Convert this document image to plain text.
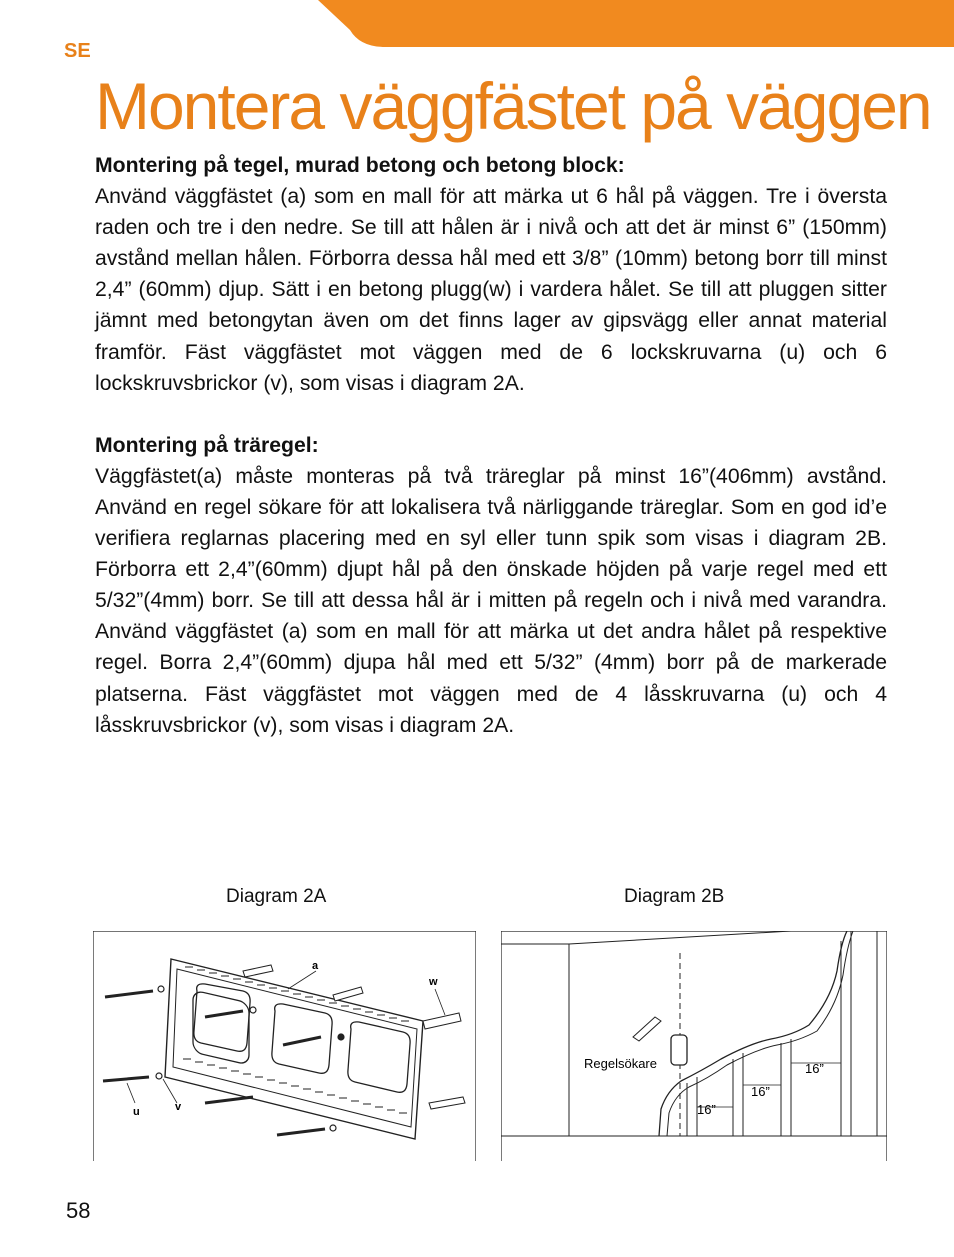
SE
Montera väggfästet på väggen
Montering på tegel, murad betong och betong block:

Använd väggfästet (a) som en mall för att märka ut 6 hål på väggen. Tre i översta raden och tre i den nedre. Se till att hålen är i nivå och att det är minst 6” (150mm) avstånd mellan hålen. Förborra dessa hål med ett 3/8” (10mm) betong borr till minst 2,4” (60mm) djup. Sätt i en betong plugg(w) i vardera hålet. Se till att pluggen sitter jämnt med betongytan även om det finns lager av gipsvägg eller annat material framför. Fäst väggfästet mot väggen med de 6 lockskruvarna (u) och 6 lockskruvsbrickor (v), som visas i diagram 2A.

Montering på träregel:

Väggfästet(a) måste monteras på två träreglar på minst 16”(406mm) avstånd. Använd en regel sökare för att lokalisera två närliggande träreglar. Som en god id’e verifiera reglarnas placering med en syl eller tunn spik som visas i diagram 2B. Förborra ett 2,4”(60mm) djupt hål på den önskade höjden på varje regel med ett 5/32”(4mm) borr. Se till att dessa hål är i mitten på regeln och i nivå med varandra. Använd väggfästet (a) som en mall för att märka ut det andra hålet på respektive regel. Borra 2,4”(60mm) djupa hål med ett 5/32” (4mm) borr på de markerade platserna. Fäst väggfästet mot väggen med de 4 låsskruvarna (u) och 4 låsskruvsbrickor (v), som visas i diagram 2A.

Diagram 2A	Diagram 2B
a
w
u	v
Regelsökare
16”
16”
16”
58
